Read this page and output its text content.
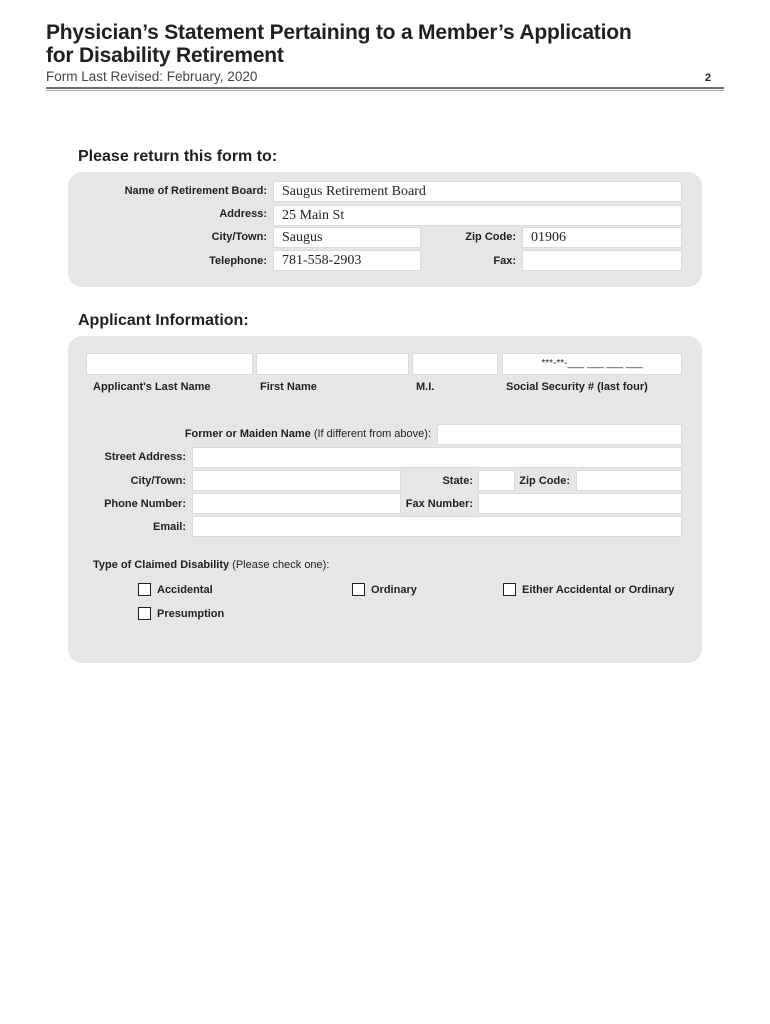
Physician’s Statement Pertaining to a Member’s Application
for Disability Retirement
Form Last Revised: February, 2020	2
Please return this form to:
Name of Retirement Board:	Saugus Retirement Board
Address:	25 Main St
City/Town:	Saugus	Zip Code:	01906
Telephone:	781-558-2903	Fax:
Applicant Information:
***-**-___ ___ ___ ___
Applicant's Last Name	First Name	M.I.	Social Security # (last four)
Former or Maiden Name (If different from above):
Street Address:
City/Town:	State:	Zip Code:
Phone Number:	Fax Number:
Email:
Type of Claimed Disability (Please check one):
Accidental	Ordinary	Either Accidental or Ordinary
Presumption
